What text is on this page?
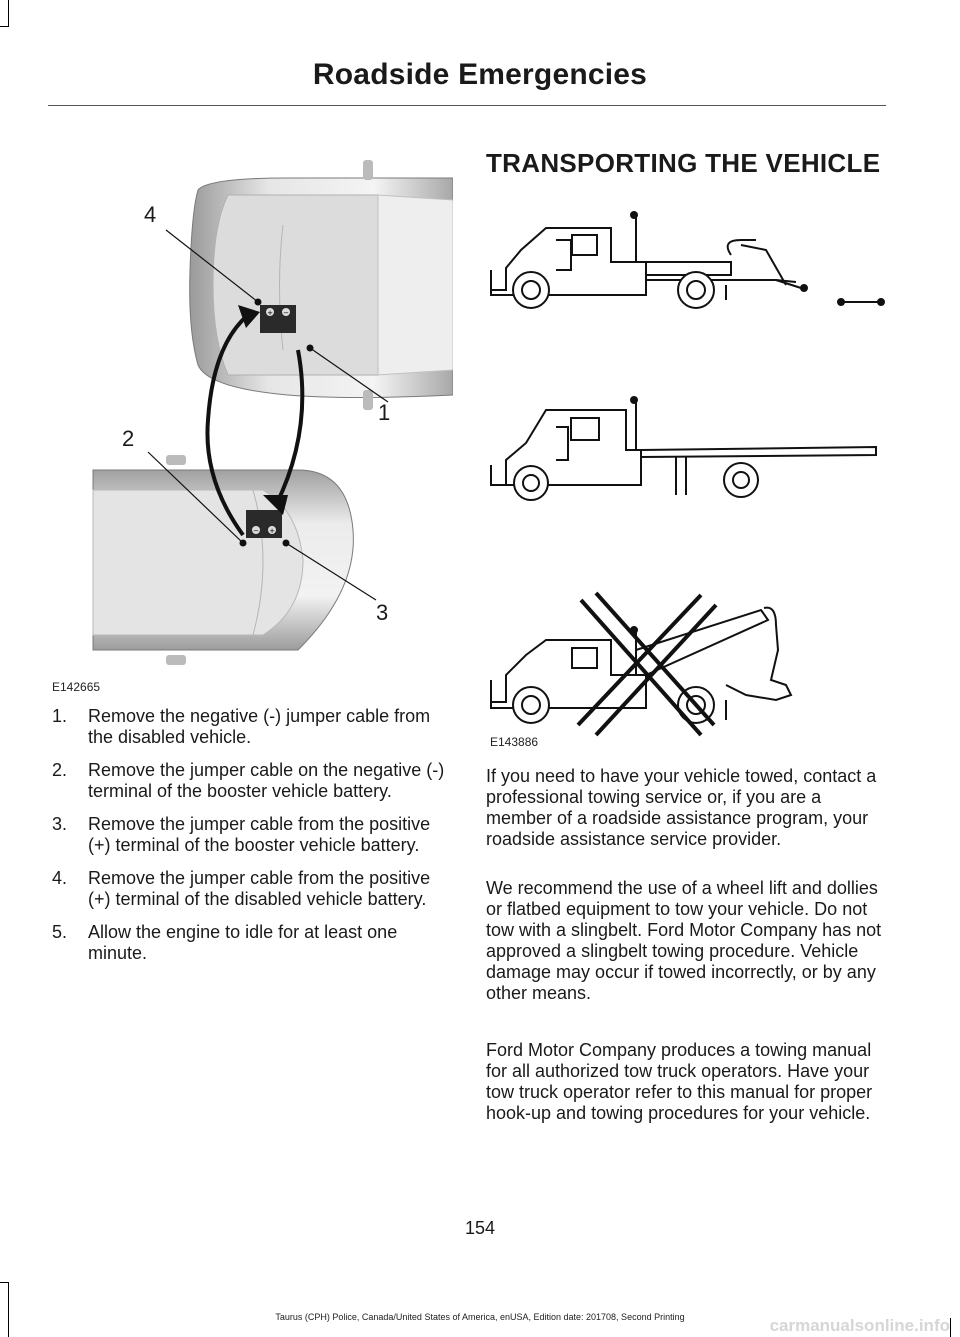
Roadside Emergencies
+ −
− +
4
1
2
3
E142665
1. Remove the negative (-) jumper cable from the disabled vehicle.
2. Remove the jumper cable on the negative (-) terminal of the booster vehicle battery.
3. Remove the jumper cable from the positive (+) terminal of the booster vehicle battery.
4. Remove the jumper cable from the positive (+) terminal of the disabled vehicle battery.
5. Allow the engine to idle for at least one minute.
TRANSPORTING THE VEHICLE
E143886

If you need to have your vehicle towed, contact a professional towing service or, if you are a member of a roadside assistance program, your roadside assistance service provider.

We recommend the use of a wheel lift and dollies or flatbed equipment to tow your vehicle. Do not tow with a slingbelt. Ford Motor Company has not approved a slingbelt towing procedure. Vehicle damage may occur if towed incorrectly, or by any other means.

Ford Motor Company produces a towing manual for all authorized tow truck operators. Have your tow truck operator refer to this manual for proper hook-up and towing procedures for your vehicle.

154
Taurus (CPH) Police, Canada/United States of America, enUSA, Edition date: 201708, Second Printing	carmanualsonline.info
